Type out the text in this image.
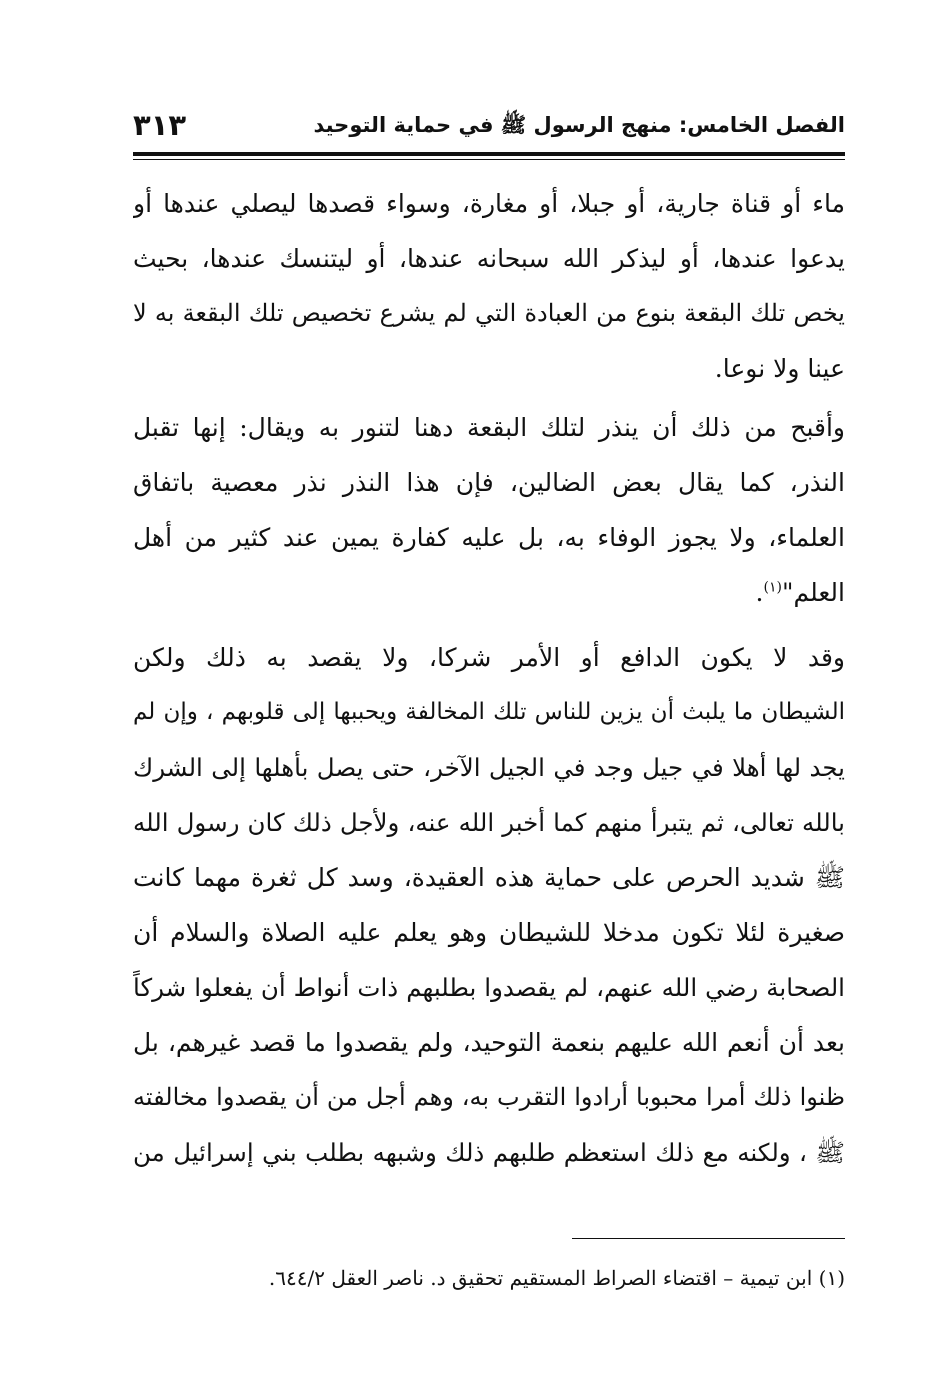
الفصل الخامس: منهج الرسول ﷺ في حماية التوحيد
٣١٣
ماء أو قناة جارية، أو جبلا، أو مغارة، وسواء قصدها ليصلي عندها أو
يدعوا عندها، أو ليذكر الله سبحانه عندها، أو ليتنسك عندها، بحيث
يخص تلك البقعة بنوع من العبادة التي لم يشرع تخصيص تلك البقعة به لا
عينا ولا نوعا.
وأقبح من ذلك أن ينذر لتلك البقعة دهنا لتنور به ويقال: إنها تقبل
النذر، كما يقال بعض الضالين، فإن هذا النذر نذر معصية باتفاق
العلماء، ولا يجوز الوفاء به، بل عليه كفارة يمين عند كثير من أهل
العلم"$^{(١)}$.
وقد لا يكون الدافع أو الأمر شركا، ولا يقصد به ذلك ولكن
الشيطان ما يلبث أن يزين للناس تلك المخالفة ويحببها إلى قلوبهم ، وإن لم
يجد لها أهلا في جيل وجد في الجيل الآخر، حتى يصل بأهلها إلى الشرك
بالله تعالى، ثم يتبرأ منهم كما أخبر الله عنه، ولأجل ذلك كان رسول الله
ﷺ شديد الحرص على حماية هذه العقيدة، وسد كل ثغرة مهما كانت
صغيرة لئلا تكون مدخلا للشيطان وهو يعلم عليه الصلاة والسلام أن
الصحابة رضي الله عنهم، لم يقصدوا بطلبهم ذات أنواط أن يفعلوا شركاً
بعد أن أنعم الله عليهم بنعمة التوحيد، ولم يقصدوا ما قصد غيرهم، بل
ظنوا ذلك أمرا محبوبا أرادوا التقرب به، وهم أجل من أن يقصدوا مخالفته
ﷺ ، ولكنه مع ذلك استعظم طلبهم ذلك وشبهه بطلب بني إسرائيل من
(١) ابن تيمية – اقتضاء الصراط المستقيم تحقيق د. ناصر العقل ٦٤٤/٢.
